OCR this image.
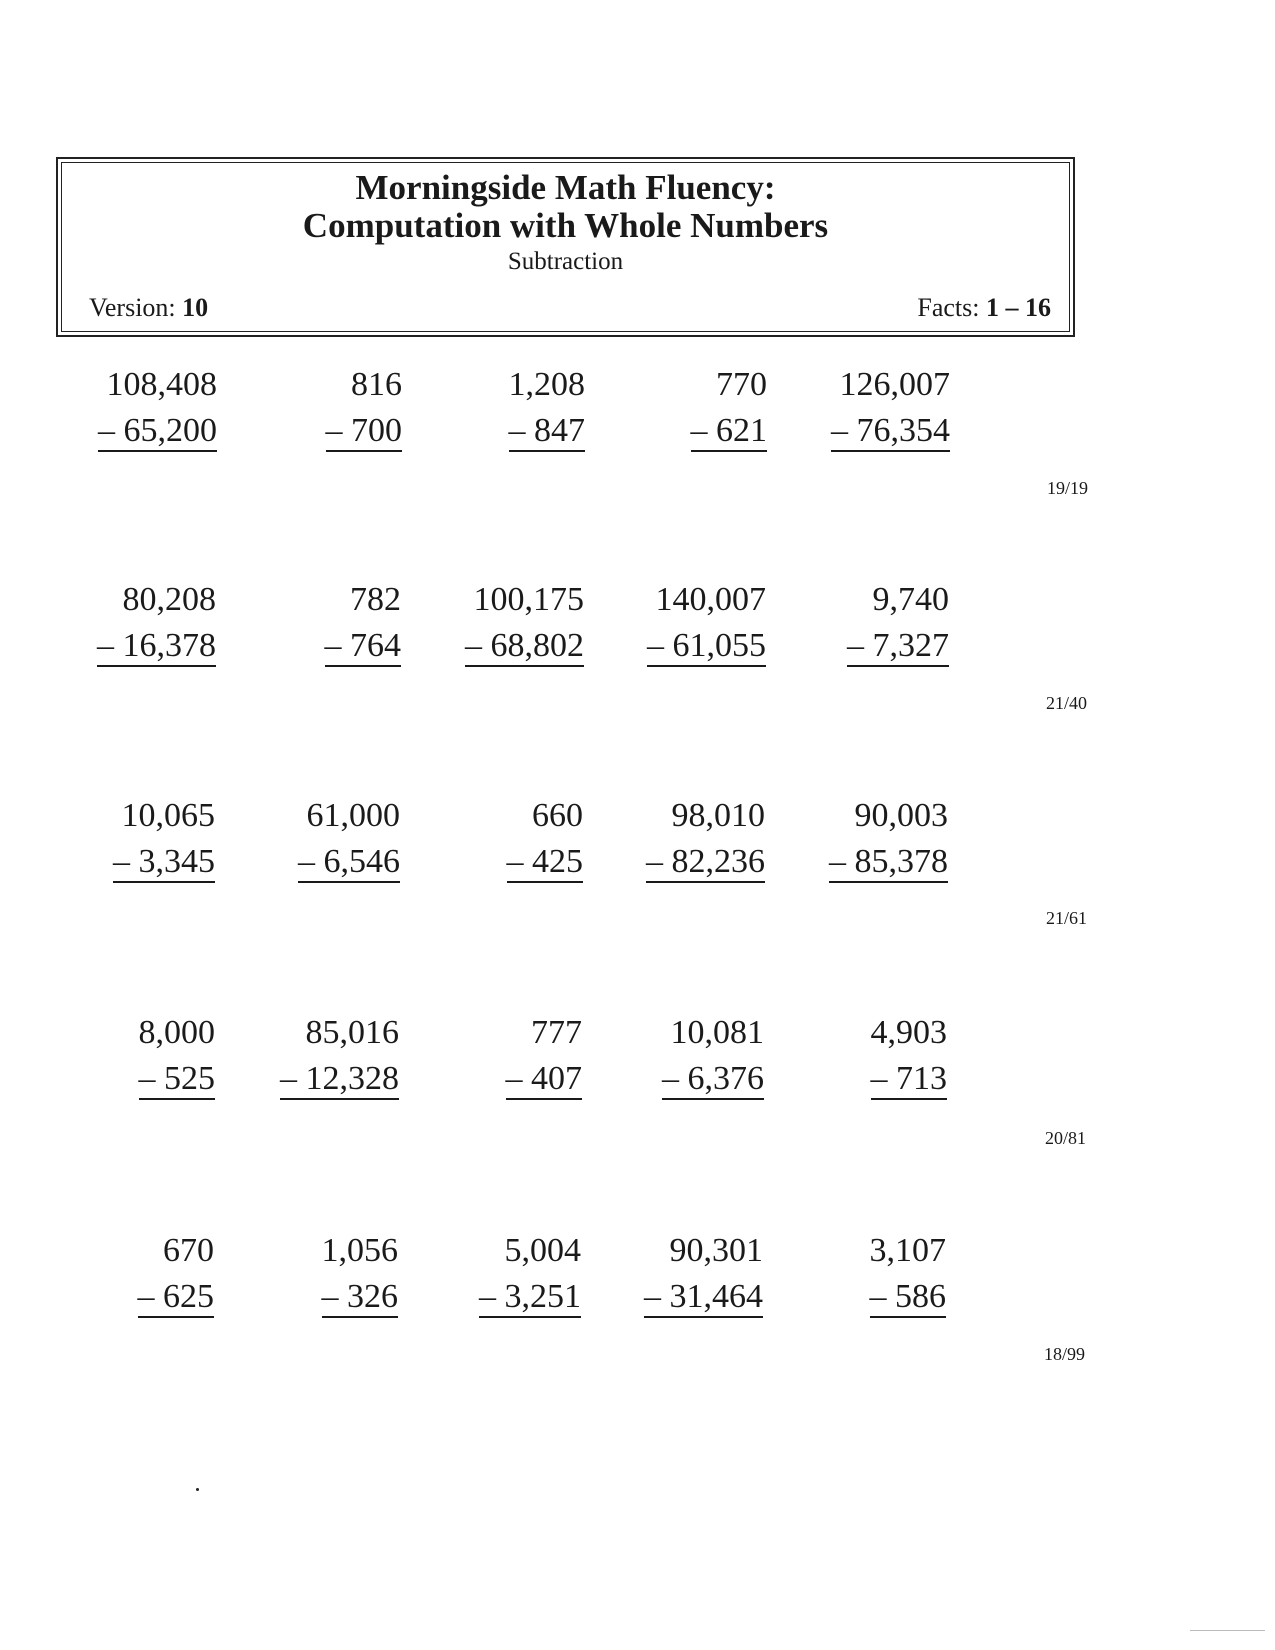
Morningside Math Fluency:
Computation with Whole Numbers
Subtraction
Version: 10	Facts: 1 – 16
108,408
– 65,200
816
– 700
1,208
– 847
770
– 621
126,007
– 76,354
19/19
80,208
– 16,378
782
– 764
100,175
– 68,802
140,007
– 61,055
9,740
– 7,327
21/40
10,065
– 3,345
61,000
– 6,546
660
– 425
98,010
– 82,236
90,003
– 85,378
21/61
8,000
– 525
85,016
– 12,328
777
– 407
10,081
– 6,376
4,903
– 713
20/81
670
– 625
1,056
– 326
5,004
– 3,251
90,301
– 31,464
3,107
– 586
18/99
